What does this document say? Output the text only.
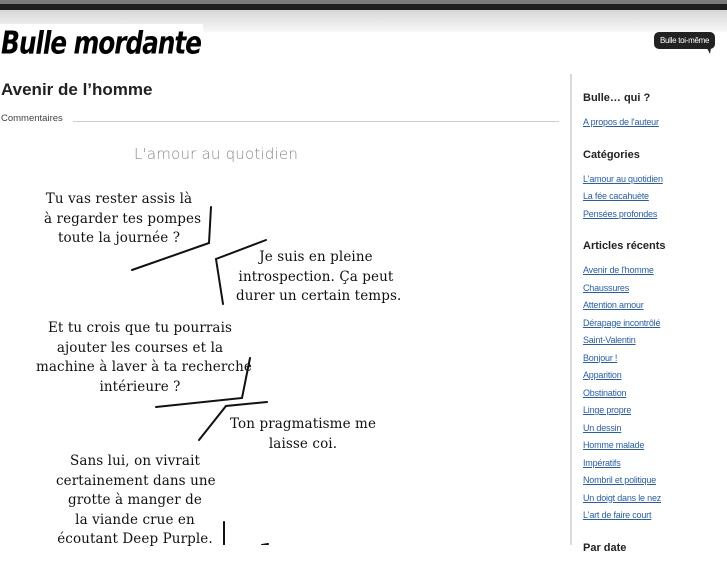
Bulle mordante	Bulle toi-même
Avenir de l’homme
Commentaires
L'amour au quotidien
Tu vas rester assis là
à regarder tes pompes
toute la journée ?
Je suis en pleine
introspection. Ça peut
durer un certain temps.
Et tu crois que tu pourrais
ajouter les courses et la
machine à laver à ta recherche
intérieure ?
Ton pragmatisme me
laisse coi.
Sans lui, on vivrait
certainement dans une
grotte à manger de
la viande crue en
écoutant Deep Purple.
Bulle… qui ?
A propos de l'auteur
Catégories
L'amour au quotidien
La fée cacahuète
Pensées profondes
Articles récents
Avenir de l'homme
Chaussures
Attention amour
Dérapage incontrôlé
Saint-Valentin
Bonjour !
Apparition
Obstination
Linge propre
Un dessin
Homme malade
Impératifs
Nombril et politique
Un doigt dans le nez
L'art de faire court
Par date
